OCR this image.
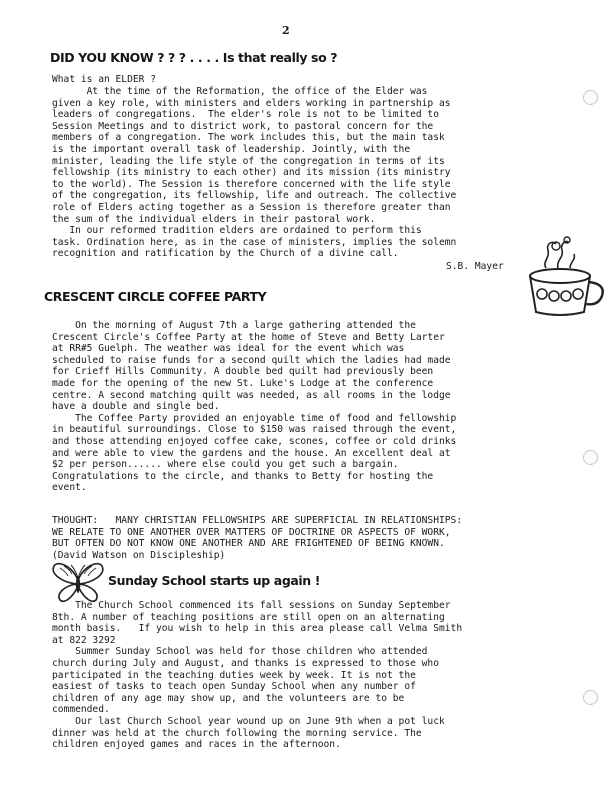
2
DID YOU KNOW ? ? ? . . . . Is that really so ?
What is an ELDER ?
At the time of the Reformation, the office of the Elder was
given a key role, with ministers and elders working in partnership as
leaders of congregations.  The elder's role is not to be limited to
Session Meetings and to district work, to pastoral concern for the
members of a congregation. The work includes this, but the main task
is the important overall task of leadership. Jointly, with the
minister, leading the life style of the congregation in terms of its
fellowship (its ministry to each other) and its mission (its ministry
to the world). The Session is therefore concerned with the life style
of the congregation, its fellowship, life and outreach. The collective
role of Elders acting together as a Session is therefore greater than
the sum of the individual elders in their pastoral work.
In our reformed tradition elders are ordained to perform this
task. Ordination here, as in the case of ministers, implies the solemn
recognition and ratification by the Church of a divine call.
S.B. Mayer
CRESCENT CIRCLE COFFEE PARTY
On the morning of August 7th a large gathering attended the
Crescent Circle's Coffee Party at the home of Steve and Betty Larter
at RR#5 Guelph. The weather was ideal for the event which was
scheduled to raise funds for a second quilt which the ladies had made
for Crieff Hills Community. A double bed quilt had previously been
made for the opening of the new St. Luke's Lodge at the conference
centre. A second matching quilt was needed, as all rooms in the lodge
have a double and single bed.
The Coffee Party provided an enjoyable time of food and fellowship
in beautiful surroundings. Close to $150 was raised through the event,
and those attending enjoyed coffee cake, scones, coffee or cold drinks
and were able to view the gardens and the house. An excellent deal at
$2 per person...... where else could you get such a bargain.
Congratulations to the circle, and thanks to Betty for hosting the
event.
THOUGHT:   MANY CHRISTIAN FELLOWSHIPS ARE SUPERFICIAL IN RELATIONSHIPS:
WE RELATE TO ONE ANOTHER OVER MATTERS OF DOCTRINE OR ASPECTS OF WORK,
BUT OFTEN DO NOT KNOW ONE ANOTHER AND ARE FRIGHTENED OF BEING KNOWN.
(David Watson on Discipleship)
Sunday School starts up again !
The Church School commenced its fall sessions on Sunday September
8th. A number of teaching positions are still open on an alternating
month basis.   If you wish to help in this area please call Velma Smith
at 822 3292
Summer Sunday School was held for those children who attended
church during July and August, and thanks is expressed to those who
participated in the teaching duties week by week. It is not the
easiest of tasks to teach open Sunday School when any number of
children of any age may show up, and the volunteers are to be
commended.
Our last Church School year wound up on June 9th when a pot luck
dinner was held at the church following the morning service. The
children enjoyed games and races in the afternoon.
